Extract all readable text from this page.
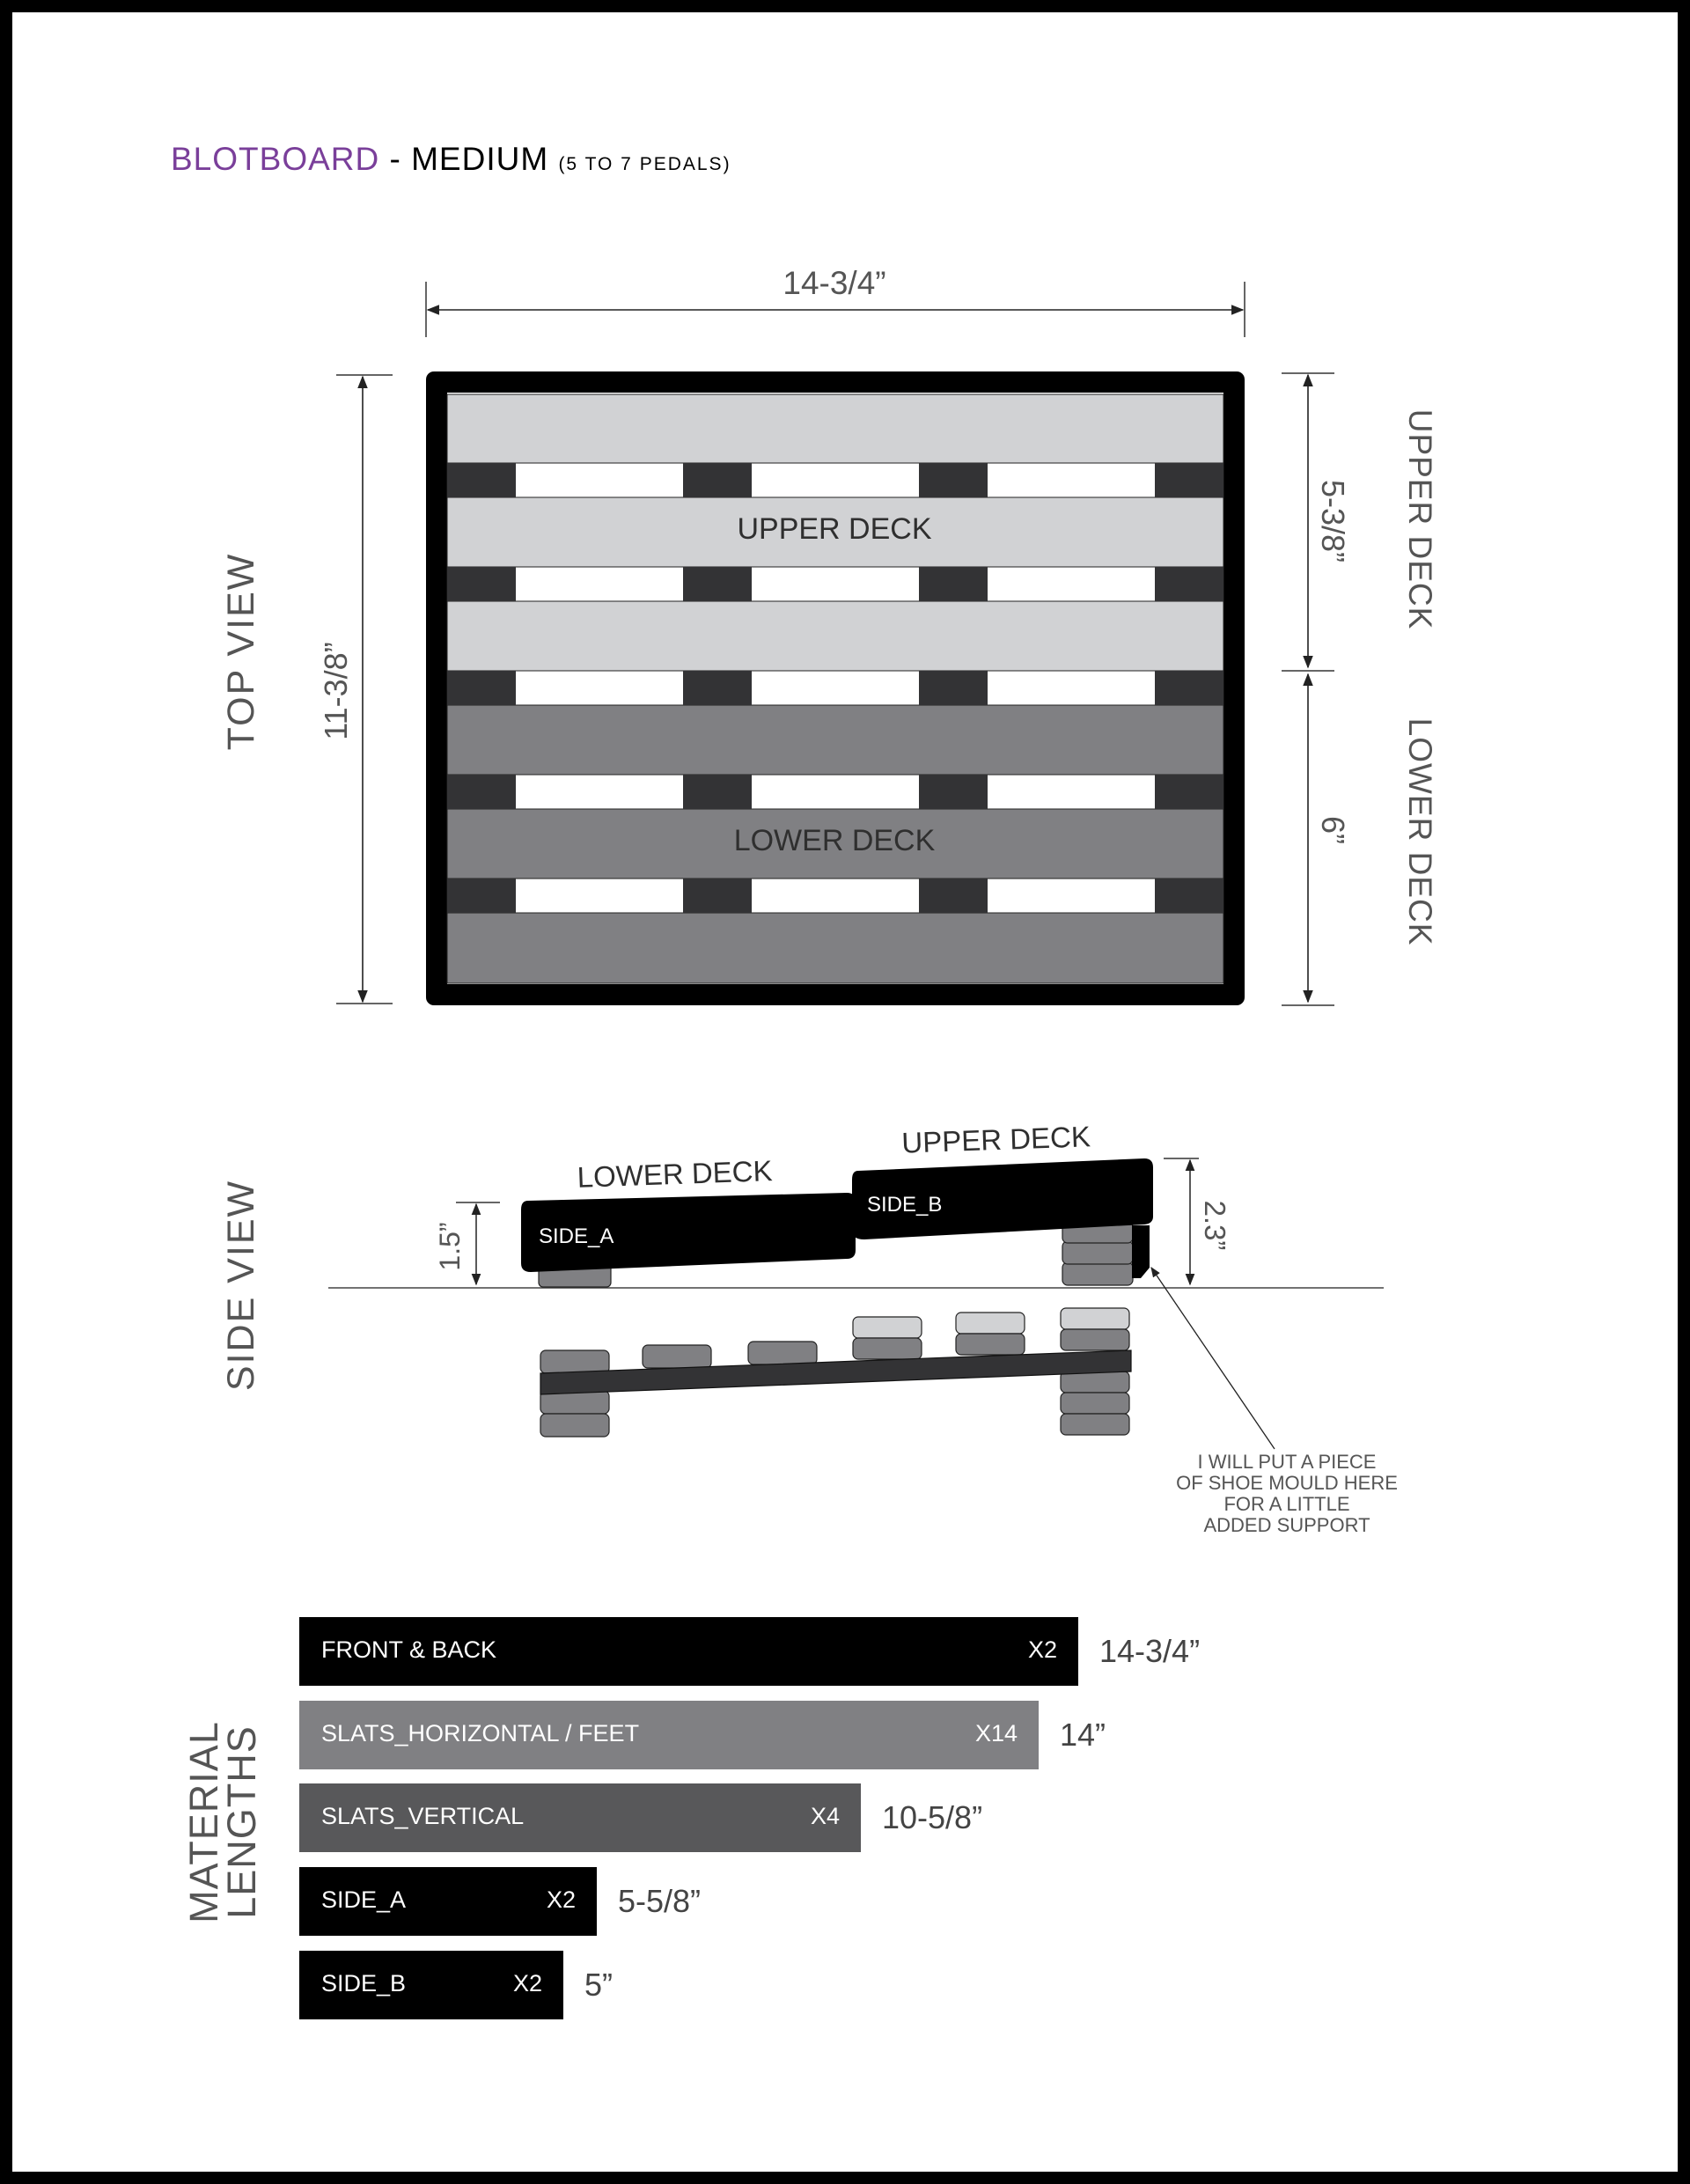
BLOTBOARD - MEDIUM (5 TO 7 PEDALS)
TOP VIEW
14-3/4”
11-3/8”
UPPER DECK
LOWER DECK
5-3/8”
6”
UPPER DECK
LOWER DECK
SIDE VIEW	SIDE_A
SIDE_B
LOWER DECK
UPPER DECK
1.5”	2.3”
I WILL PUT A PIECE
OF SHOE MOULD HERE
FOR A LITTLE
ADDED SUPPORT
MATERIAL
LENGTHS
FRONT & BACK	X2 14-3/4”
SLATS_HORIZONTAL / FEET	X14 14”
SLATS_VERTICAL	X4 10-5/8”
SIDE_A	X2 5-5/8”
SIDE_B	X2 5”
